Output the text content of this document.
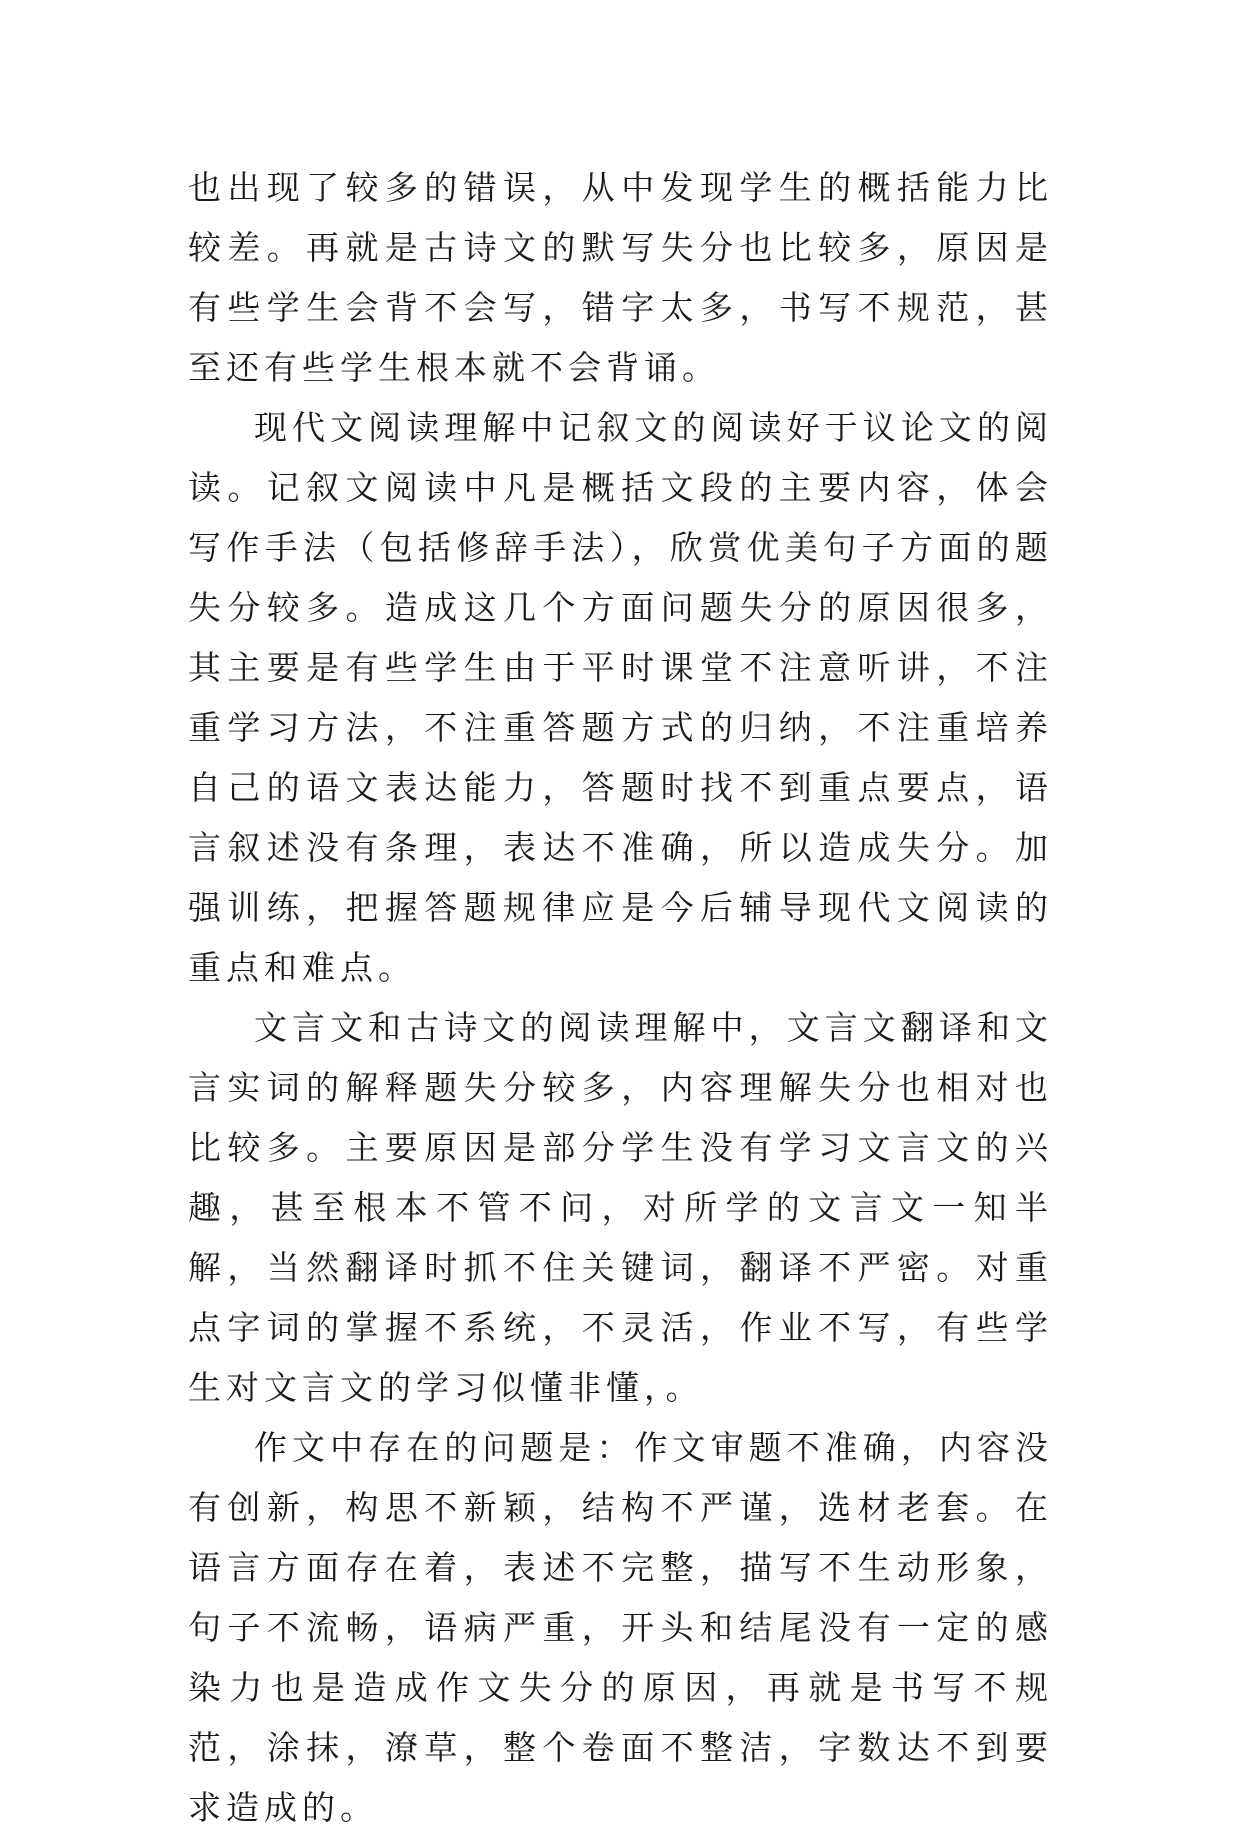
也出现了较多的错误，从中发现学生的概括能力比较差。再就是古诗文的默写失分也比较多，原因是有些学生会背不会写，错字太多，书写不规范，甚至还有些学生根本就不会背诵。

现代文阅读理解中记叙文的阅读好于议论文的阅读。记叙文阅读中凡是概括文段的主要内容，体会写作手法（包括修辞手法），欣赏优美句子方面的题失分较多。造成这几个方面问题失分的原因很多，其主要是有些学生由于平时课堂不注意听讲，不注重学习方法，不注重答题方式的归纳，不注重培养自己的语文表达能力，答题时找不到重点要点，语言叙述没有条理，表达不准确，所以造成失分。加强训练，把握答题规律应是今后辅导现代文阅读的重点和难点。

文言文和古诗文的阅读理解中，文言文翻译和文言实词的解释题失分较多，内容理解失分也相对也比较多。主要原因是部分学生没有学习文言文的兴趣，甚至根本不管不问，对所学的文言文一知半解，当然翻译时抓不住关键词，翻译不严密。对重点字词的掌握不系统，不灵活，作业不写，有些学生对文言文的学习似懂非懂，。

作文中存在的问题是：作文审题不准确，内容没有创新，构思不新颖，结构不严谨，选材老套。在语言方面存在着，表述不完整，描写不生动形象，句子不流畅，语病严重，开头和结尾没有一定的感染力也是造成作文失分的原因，再就是书写不规范，涂抹，潦草，整个卷面不整洁，字数达不到要求造成的。
